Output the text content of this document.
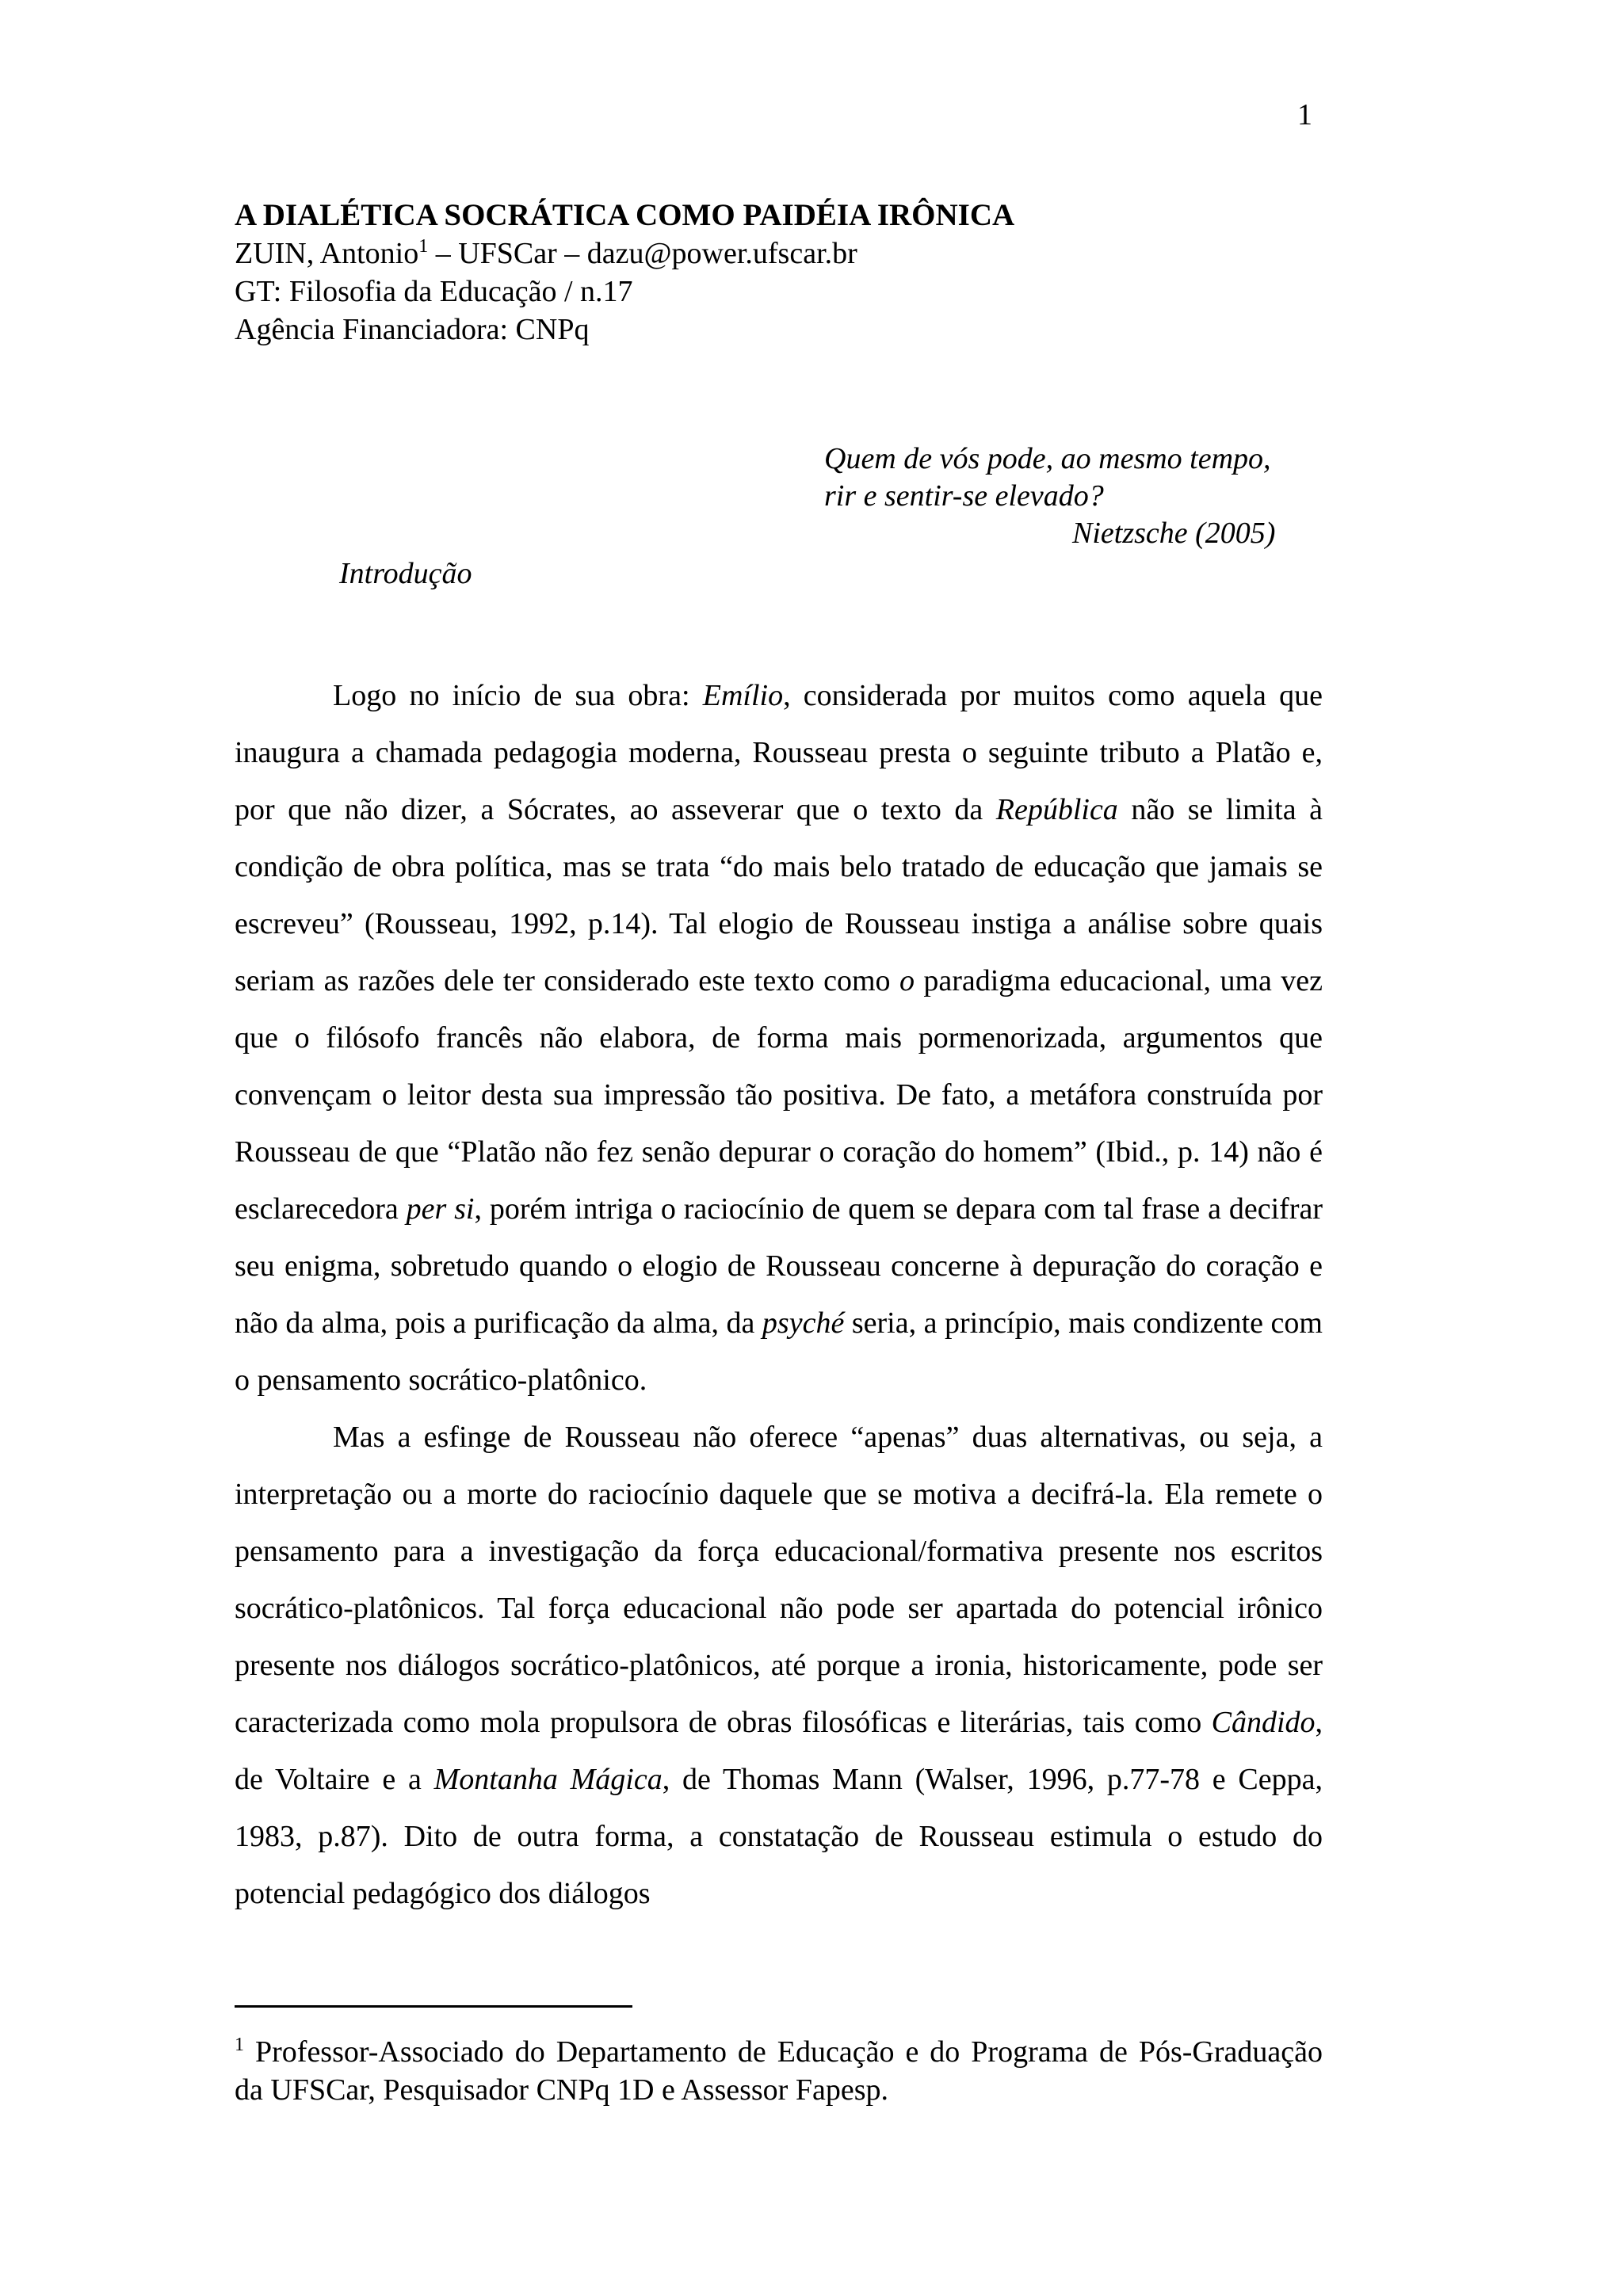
1
A DIALÉTICA SOCRÁTICA COMO PAIDÉIA IRÔNICA
ZUIN, Antonio$^1$ – UFSCar – dazu@power.ufscar.br
GT: Filosofia da Educação / n.17
Agência Financiadora: CNPq
Quem de vós pode, ao mesmo tempo,
rir e sentir-se elevado?
Nietzsche (2005)
Introdução

Logo no início de sua obra: Emílio, considerada por muitos como aquela que inaugura a chamada pedagogia moderna, Rousseau presta o seguinte tributo a Platão e, por que não dizer, a Sócrates, ao asseverar que o texto da República não se limita à condição de obra política, mas se trata “do mais belo tratado de educação que jamais se escreveu” (Rousseau, 1992, p.14). Tal elogio de Rousseau instiga a análise sobre quais seriam as razões dele ter considerado este texto como o paradigma educacional, uma vez que o filósofo francês não elabora, de forma mais pormenorizada, argumentos que convençam o leitor desta sua impressão tão positiva. De fato, a metáfora construída por Rousseau de que “Platão não fez senão depurar o coração do homem” (Ibid., p. 14) não é esclarecedora per si, porém intriga o raciocínio de quem se depara com tal frase a decifrar seu enigma, sobretudo quando o elogio de Rousseau concerne à depuração do coração e não da alma, pois a purificação da alma, da psyché seria, a princípio, mais condizente com o pensamento socrático-platônico.

Mas a esfinge de Rousseau não oferece “apenas” duas alternativas, ou seja, a interpretação ou a morte do raciocínio daquele que se motiva a decifrá-la. Ela remete o pensamento para a investigação da força educacional/formativa presente nos escritos socrático-platônicos. Tal força educacional não pode ser apartada do potencial irônico presente nos diálogos socrático-platônicos, até porque a ironia, historicamente, pode ser caracterizada como mola propulsora de obras filosóficas e literárias, tais como Cândido, de Voltaire e a Montanha Mágica, de Thomas Mann (Walser, 1996, p.77-78 e Ceppa, 1983, p.87). Dito de outra forma, a constatação de Rousseau estimula o estudo do potencial pedagógico dos diálogos

$^1$ Professor-Associado do Departamento de Educação e do Programa de Pós-Graduação da UFSCar, Pesquisador CNPq 1D e Assessor Fapesp.
